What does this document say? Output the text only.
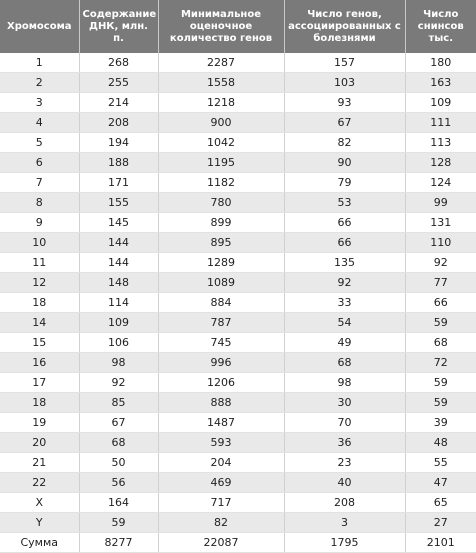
Хромосома	Содержание ДНК, млн. п.	Минимальное оценочное количество генов	Число генов, ассоциированных с болезнями	Число снинсов тыс.
1	268	2287	157	180
2	255	1558	103	163
3	214	1218	93	109
4	208	900	67	111
5	194	1042	82	113
6	188	1195	90	128
7	171	1182	79	124
8	155	780	53	99
9	145	899	66	131
10	144	895	66	110
11	144	1289	135	92
12	148	1089	92	77
18	114	884	33	66
14	109	787	54	59
15	106	745	49	68
16	98	996	68	72
17	92	1206	98	59
18	85	888	30	59
19	67	1487	70	39
20	68	593	36	48
21	50	204	23	55
22	56	469	40	47
X	164	717	208	65
Y	59	82	3	27
Сумма	8277	22087	1795	2101
